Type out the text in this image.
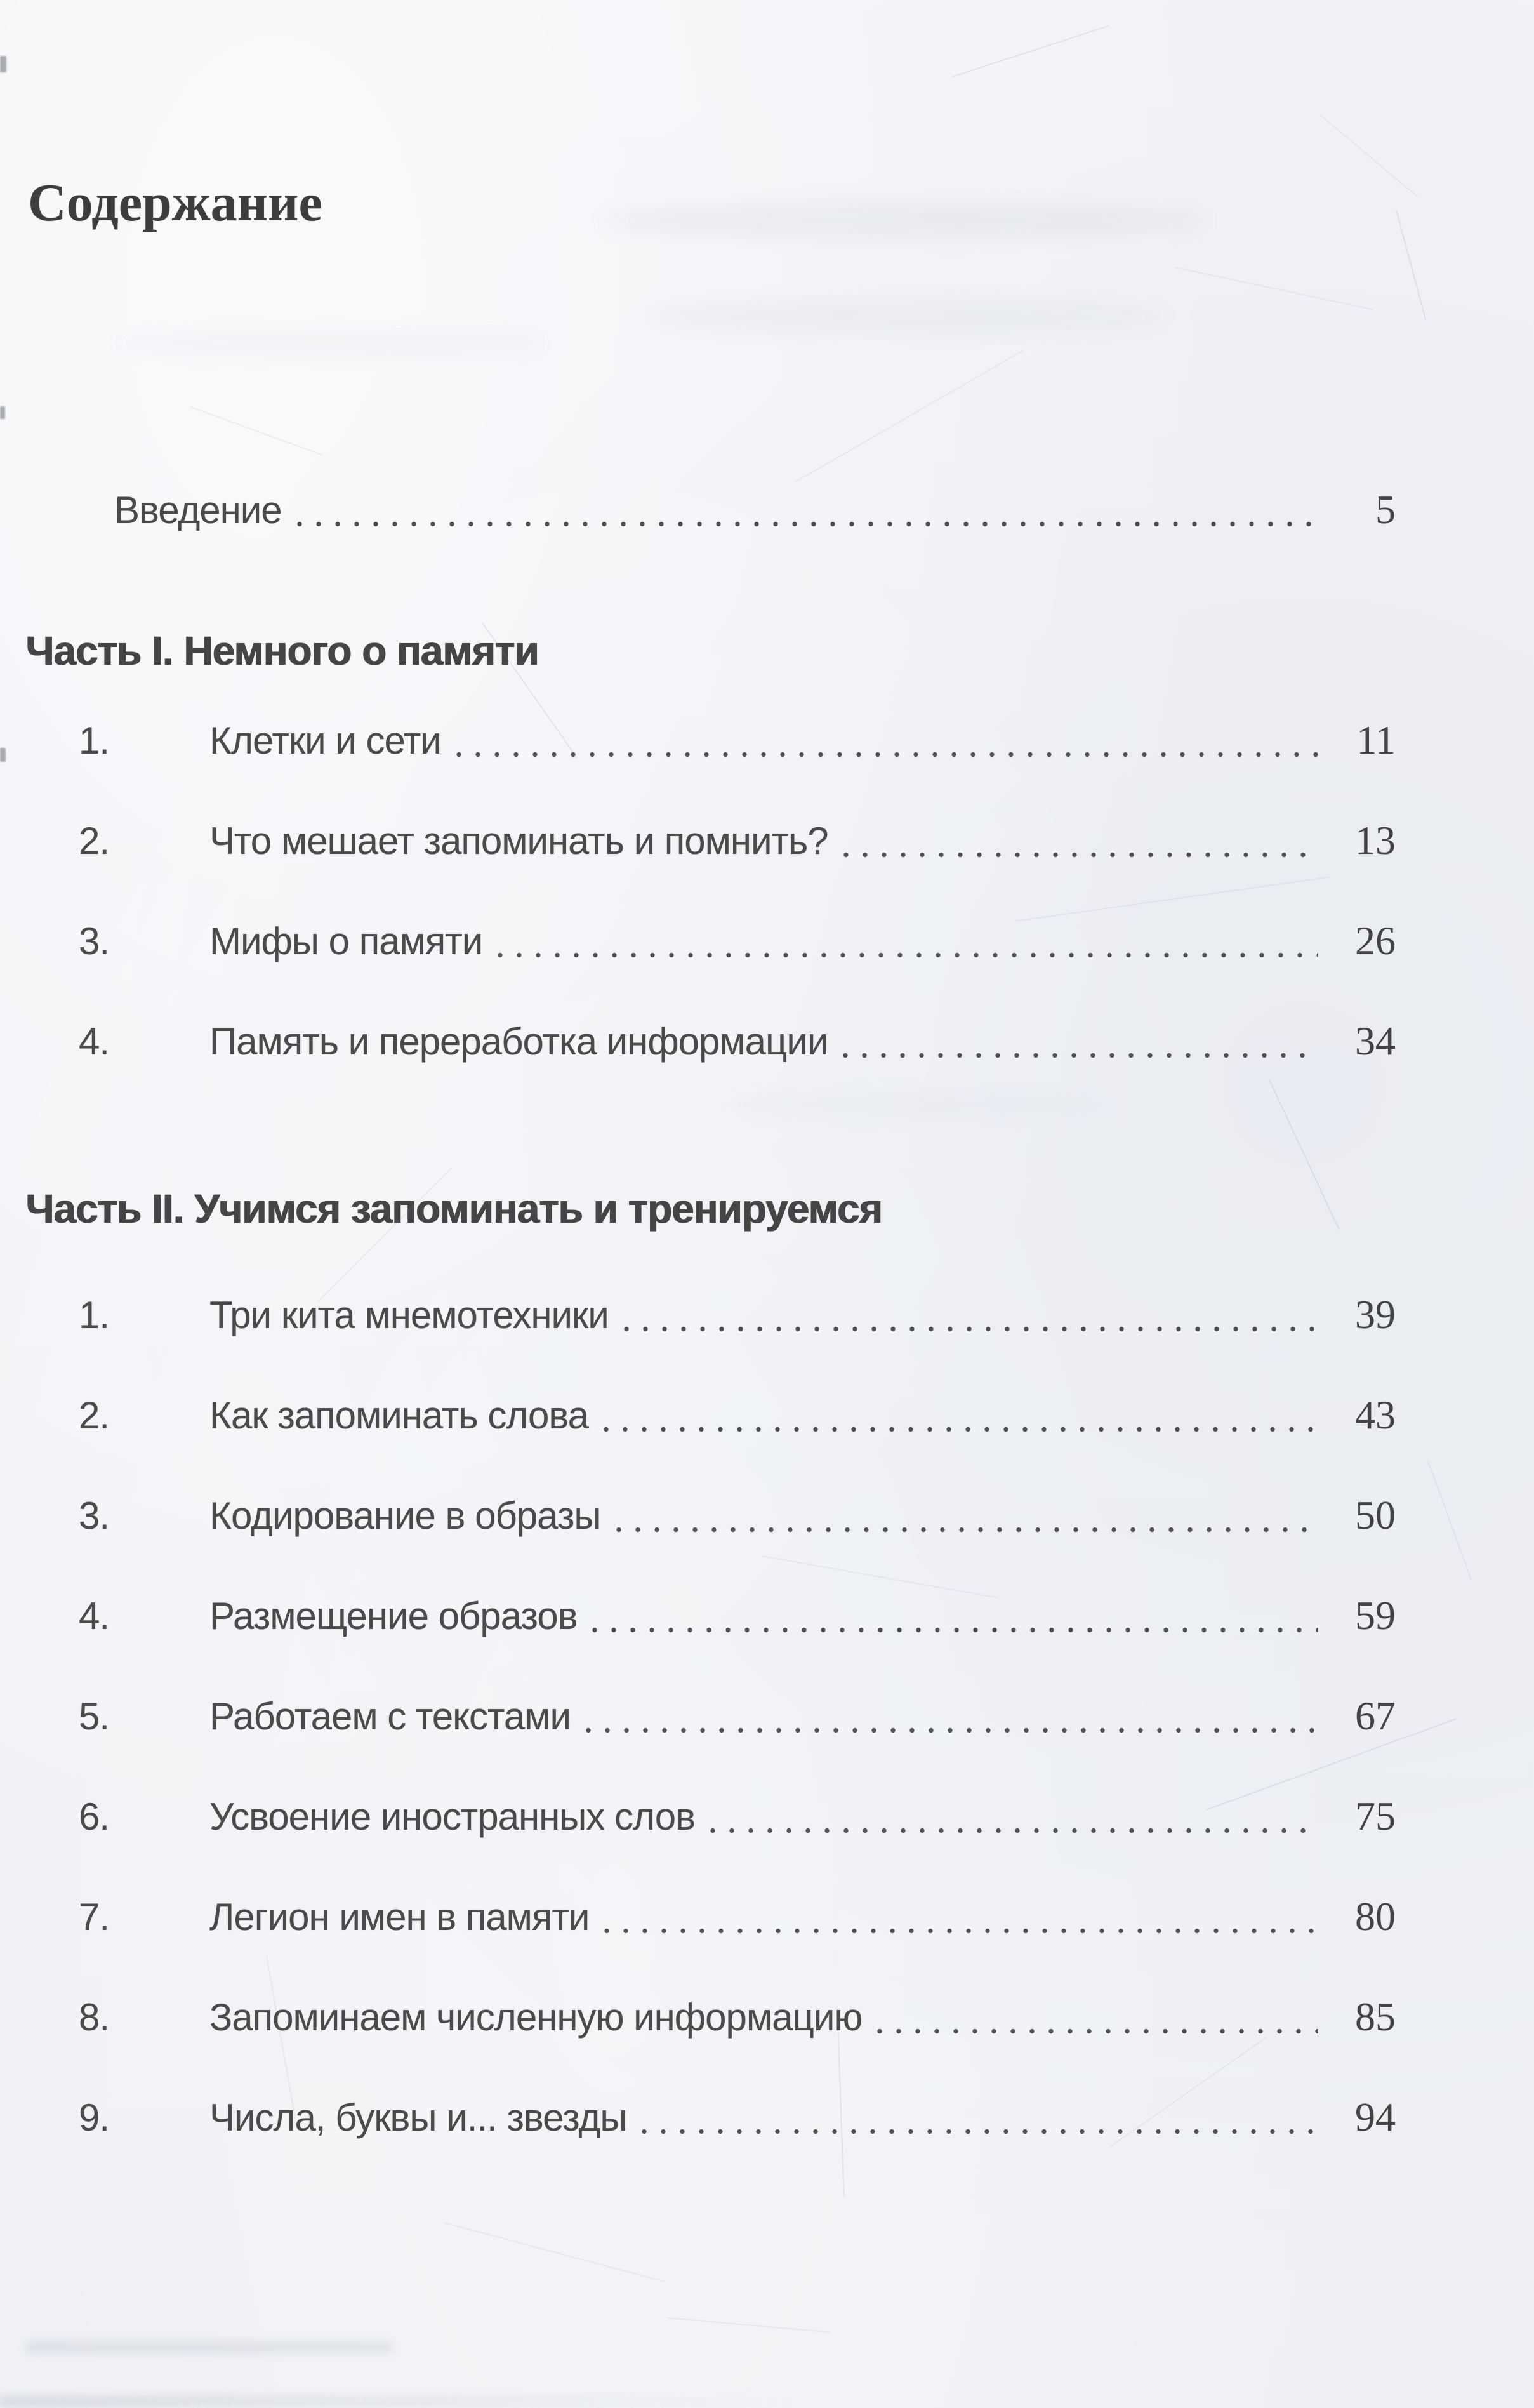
Содержание
Введение	5
Часть I. Немного о памяти
1.	Клетки и сети	11
2.	Что мешает запоминать и помнить?	13
3.	Мифы о памяти	26
4.	Память и переработка информации	34
Часть II. Учимся запоминать и тренируемся
1.	Три кита мнемотехники	39
2.	Как запоминать слова	43
3.	Кодирование в образы	50
4.	Размещение образов	59
5.	Работаем с текстами	67
6.	Усвоение иностранных слов	75
7.	Легион имен в памяти	80
8.	Запоминаем численную информацию	85
9.	Числа, буквы и... звезды	94
